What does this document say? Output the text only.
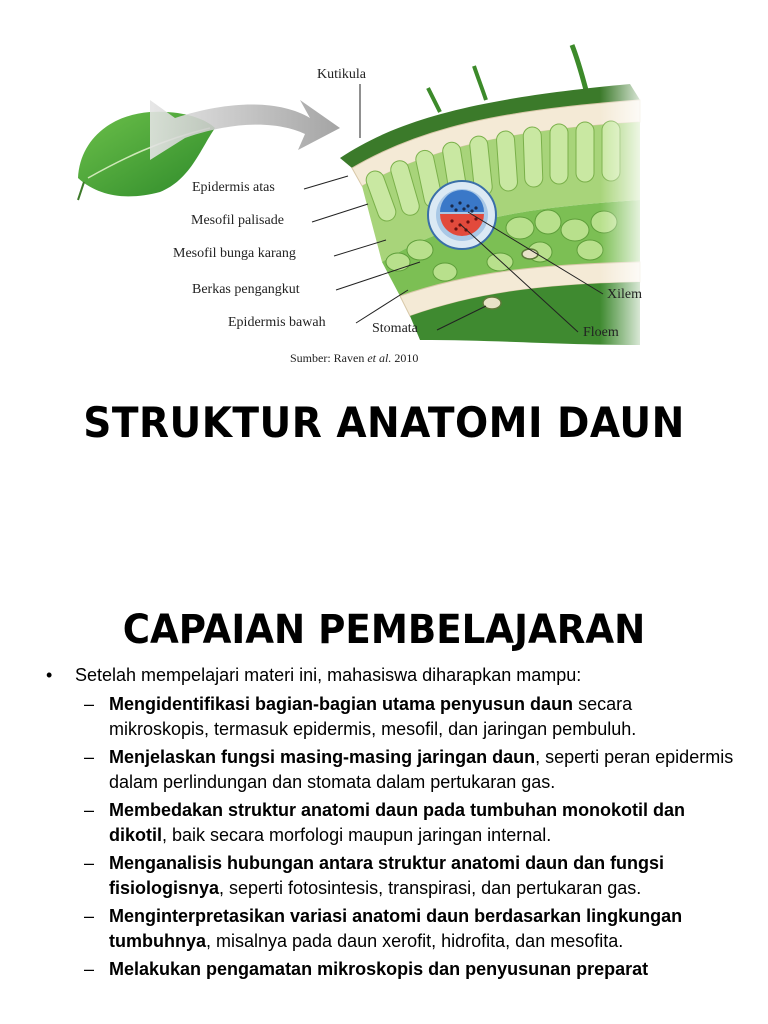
Kutikula
Epidermis atas
Mesofil palisade
Mesofil bunga karang
Berkas pengangkut
Epidermis bawah	Stomata
Xilem
Floem
Sumber: Raven et al. 2010
STRUKTUR ANATOMI DAUN
CAPAIAN PEMBELAJARAN
• Setelah mempelajari materi ini, mahasiswa diharapkan mampu:
– Mengidentifikasi bagian-bagian utama penyusun daun secara mikroskopis, termasuk epidermis, mesofil, dan jaringan pembuluh.
– Menjelaskan fungsi masing-masing jaringan daun, seperti peran epidermis dalam perlindungan dan stomata dalam pertukaran gas.
– Membedakan struktur anatomi daun pada tumbuhan monokotil dan dikotil, baik secara morfologi maupun jaringan internal.
– Menganalisis hubungan antara struktur anatomi daun dan fungsi fisiologisnya, seperti fotosintesis, transpirasi, dan pertukaran gas.
– Menginterpretasikan variasi anatomi daun berdasarkan lingkungan tumbuhnya, misalnya pada daun xerofit, hidrofita, dan mesofita.
– Melakukan pengamatan mikroskopis dan penyusunan preparat
